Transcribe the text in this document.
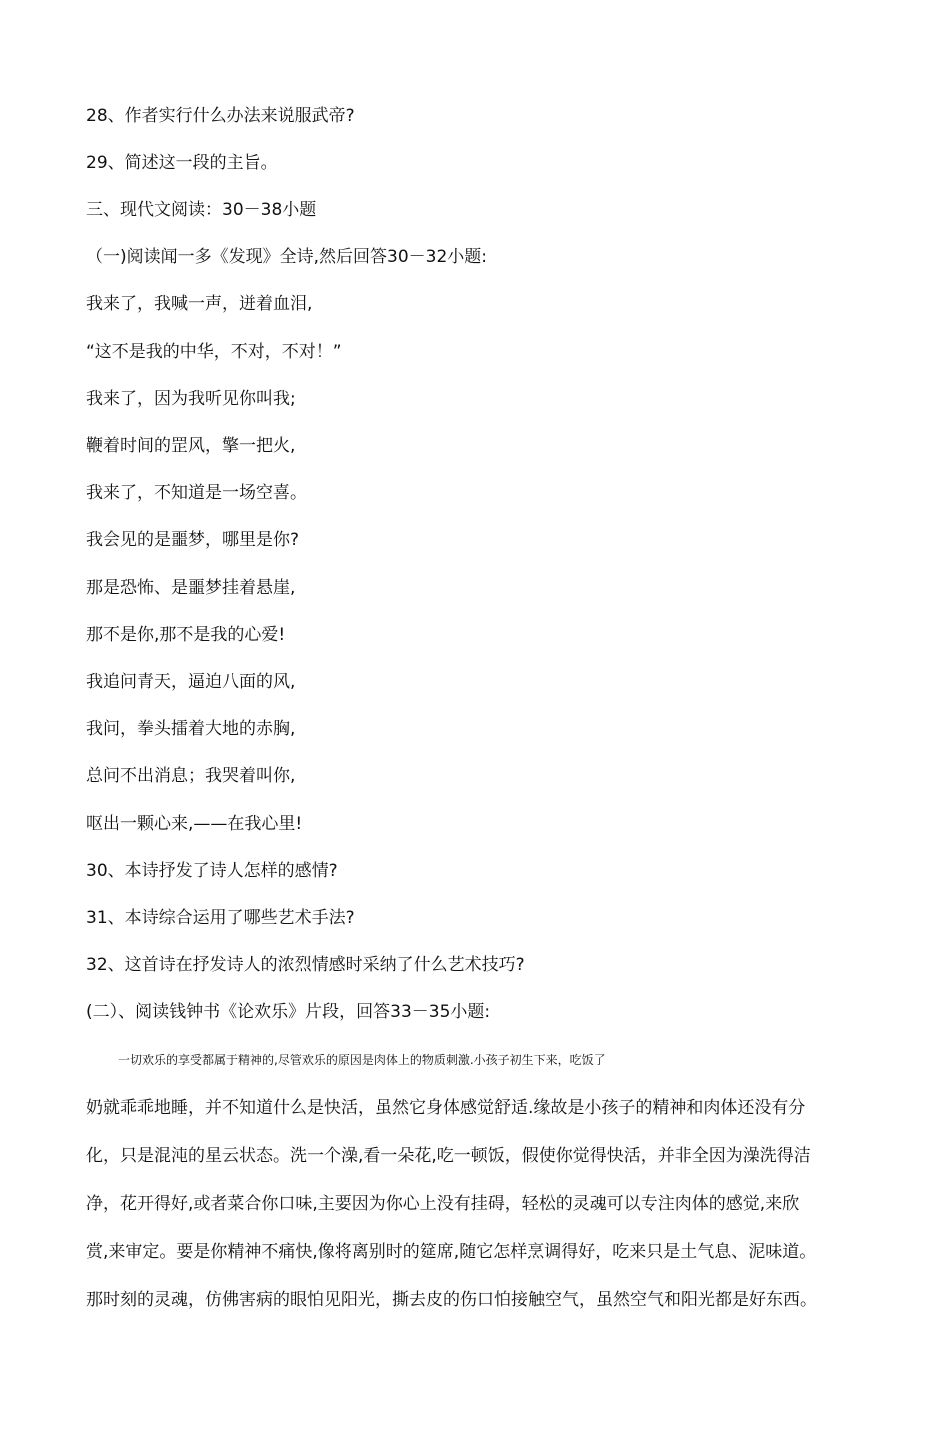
28、作者实行什么办法来说服武帝?
29、简述这一段的主旨。
三、现代文阅读：30－38小题
（一)阅读闻一多《发现》全诗,然后回答30－32小题:
我来了，我喊一声，迸着血泪,
“这不是我的中华，不对，不对！”
我来了，因为我听见你叫我;
鞭着时间的罡风，擎一把火,
我来了，不知道是一场空喜。
我会见的是噩梦，哪里是你?
那是恐怖、是噩梦挂着悬崖,
那不是你,那不是我的心爱!
我追问青天，逼迫八面的风,
我问，拳头擂着大地的赤胸,
总问不出消息；我哭着叫你,
呕出一颗心来,——在我心里!
30、本诗抒发了诗人怎样的感情?
31、本诗综合运用了哪些艺术手法?
32、这首诗在抒发诗人的浓烈情感时采纳了什么艺术技巧?
(二）、阅读钱钟书《论欢乐》片段，回答33－35小题:
一切欢乐的享受都属于精神的,尽管欢乐的原因是肉体上的物质刺激.小孩子初生下来，吃饭了
奶就乖乖地睡，并不知道什么是快活，虽然它身体感觉舒适.缘故是小孩子的精神和肉体还没有分
化，只是混沌的星云状态。洗一个澡,看一朵花,吃一顿饭，假使你觉得快活，并非全因为澡洗得洁
净，花开得好,或者菜合你口味,主要因为你心上没有挂碍，轻松的灵魂可以专注肉体的感觉,来欣
赏,来审定。要是你精神不痛快,像将离别时的筵席,随它怎样烹调得好，吃来只是土气息、泥味道。
那时刻的灵魂，仿佛害病的眼怕见阳光，撕去皮的伤口怕接触空气，虽然空气和阳光都是好东西。
